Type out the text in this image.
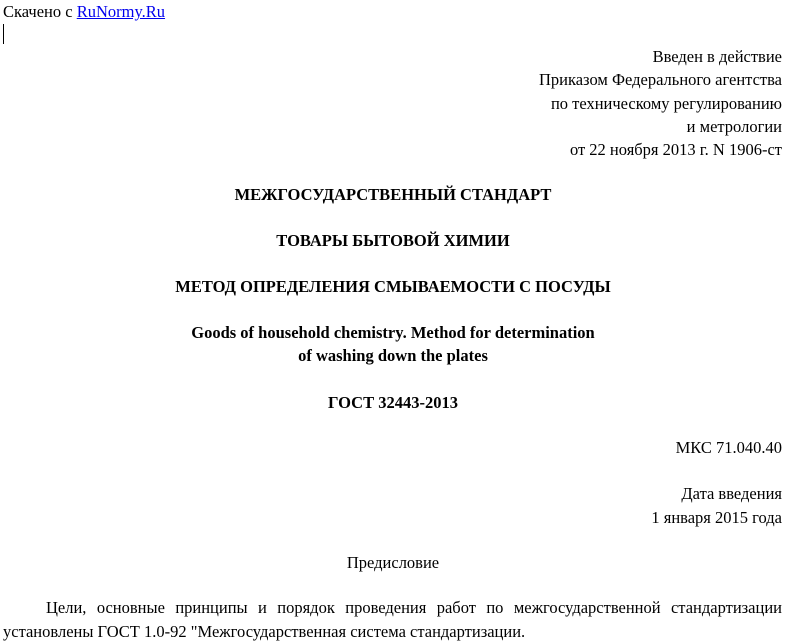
Скачено с RuNormy.Ru
Введен в действие
Приказом Федерального агентства
по техническому регулированию
и метрологии
от 22 ноября 2013 г. N 1906-ст
МЕЖГОСУДАРСТВЕННЫЙ СТАНДАРТ
ТОВАРЫ БЫТОВОЙ ХИМИИ
МЕТОД ОПРЕДЕЛЕНИЯ СМЫВАЕМОСТИ С ПОСУДЫ
Goods of household chemistry. Method for determination
of washing down the plates
ГОСТ 32443-2013
МКС 71.040.40
Дата введения
1 января 2015 года
Предисловие
Цели, основные принципы и порядок проведения работ по межгосударственной стандартизации установлены ГОСТ 1.0-92 "Межгосударственная система стандартизации.
